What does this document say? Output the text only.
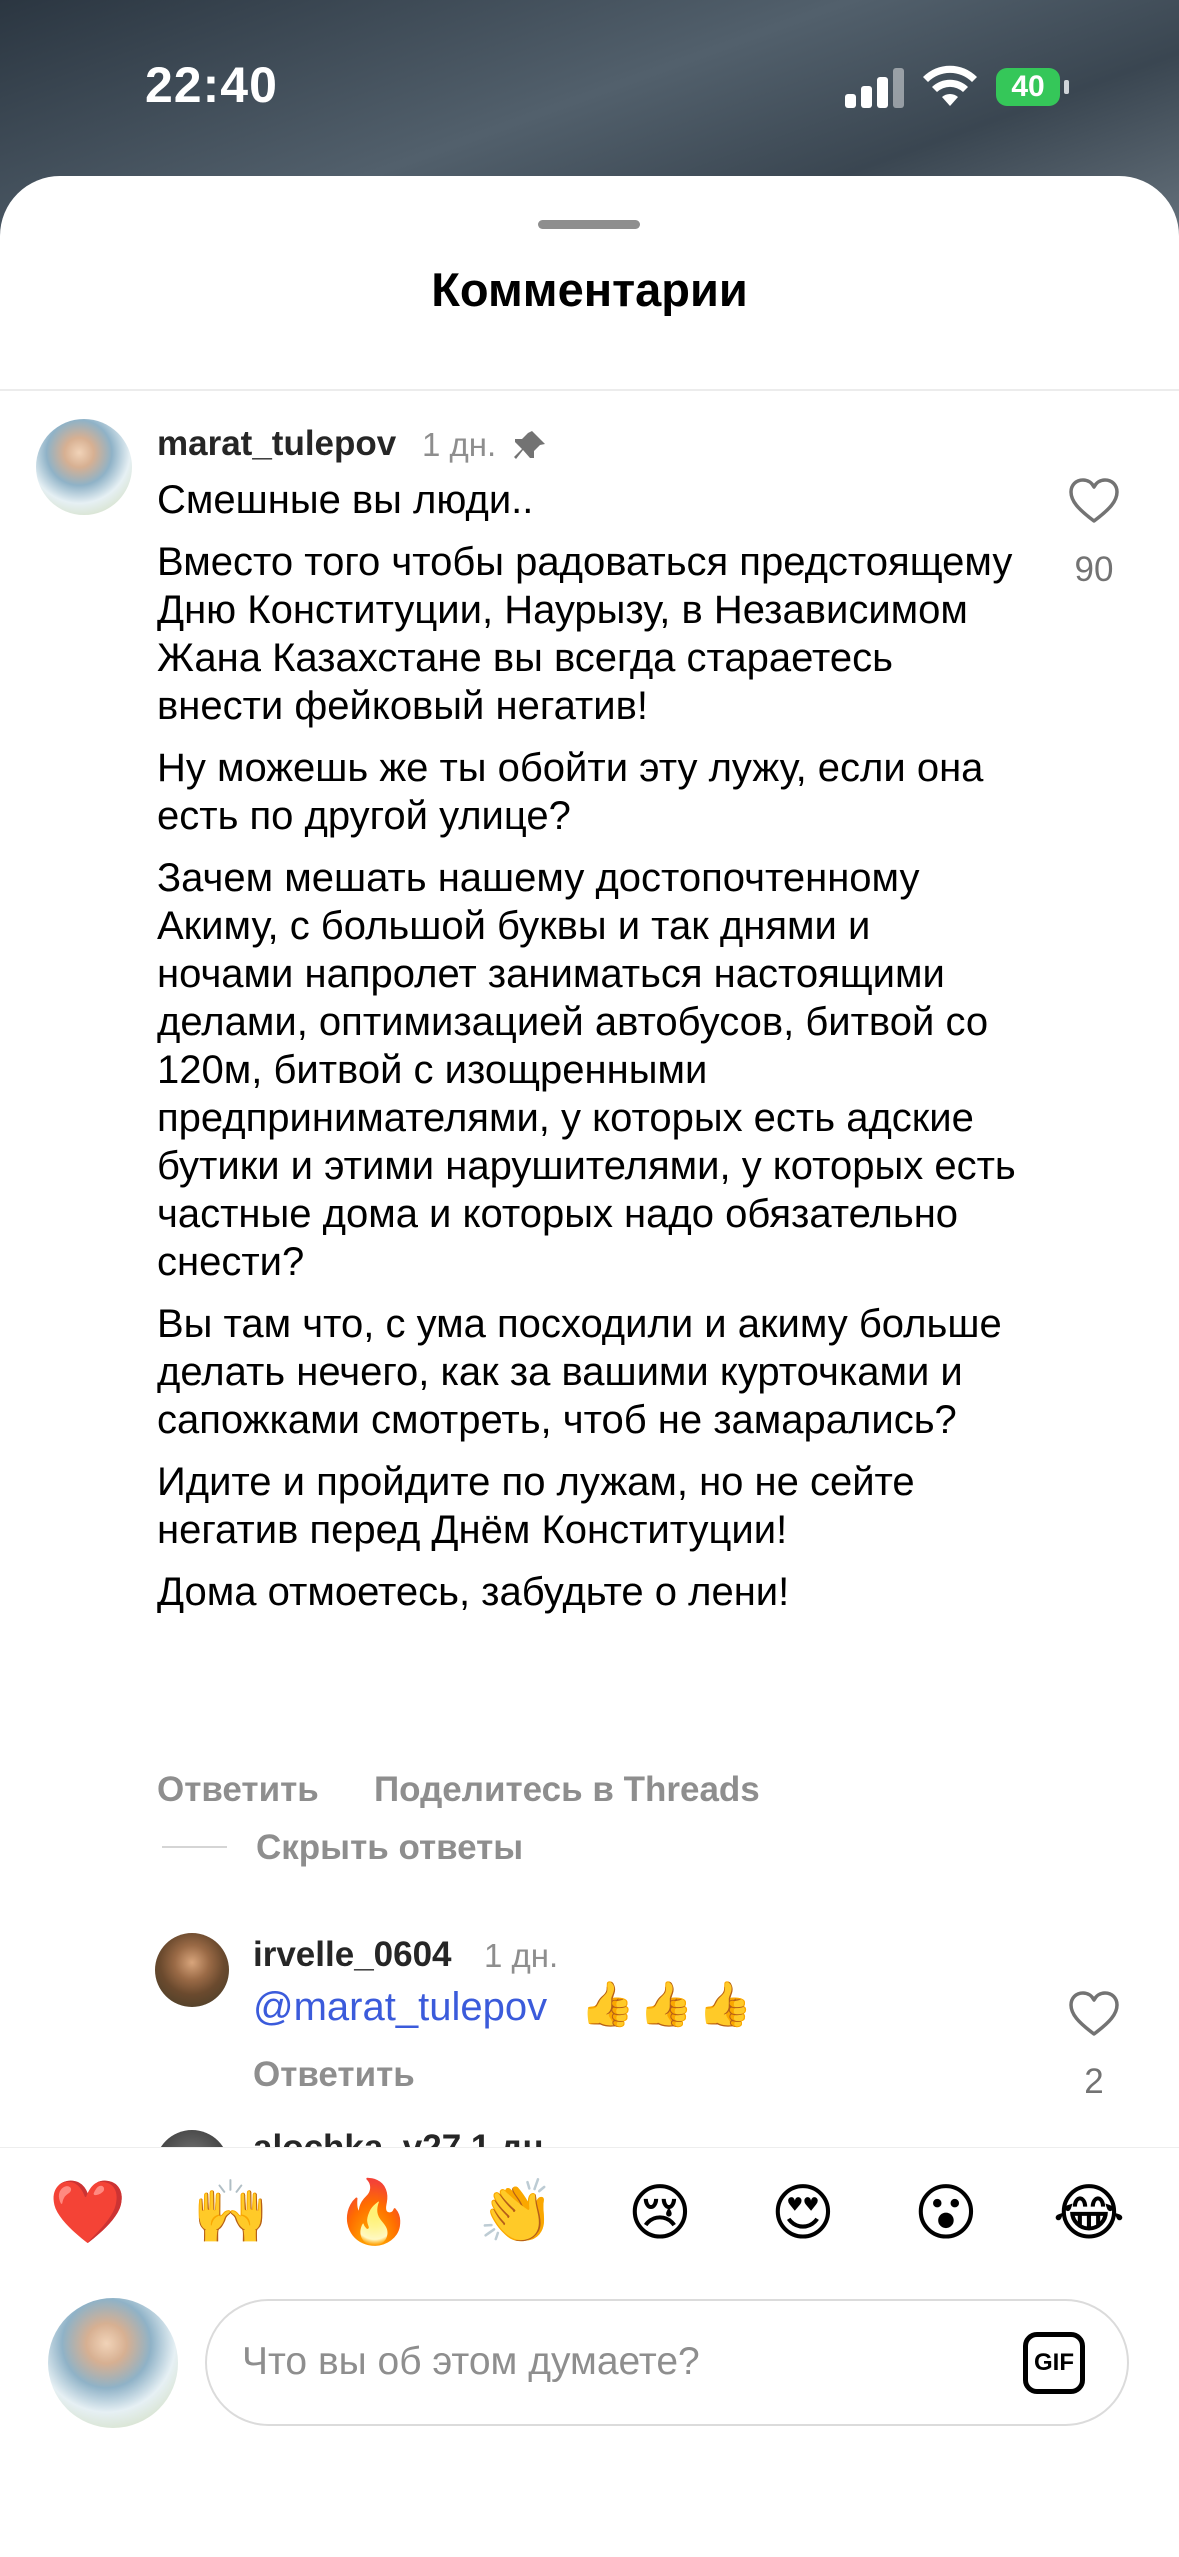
22:40	40
Комментарии
marat_tulepov 1 дн.

Смешные вы люди..

Вместо того чтобы радоваться предстоящему Дню Конституции, Наурызу, в Независимом Жана Казахстане вы всегда стараетесь внести фейковый негатив!

Ну можешь же ты обойти эту лужу, если она есть по другой улице?

Зачем мешать нашему достопочтенному Акиму, с большой буквы и так днями и ночами напролет заниматься настоящими делами, оптимизацией автобусов, битвой со 120м, битвой с изощренными предпринимателями, у которых есть адские бутики и этими нарушителями, у которых есть частные дома и которых надо обязательно снести?

Вы там что, с ума посходили и акиму больше делать нечего, как за вашими курточками и сапожками смотреть, чтоб не замарались?

Идите и пройдите по лужам, но не сейте негатив перед Днём Конституции!

Дома отмоетесь, забудьте о лени!

90
Ответить Поделитесь в Threads
Скрыть ответы
irvelle_0604 1 дн.
@marat_tulepov 👍👍👍
2
Ответить
❤️ 🙌 🔥 👏 😢 😍 😮 😂
Что вы об этом думаете?	GIF
